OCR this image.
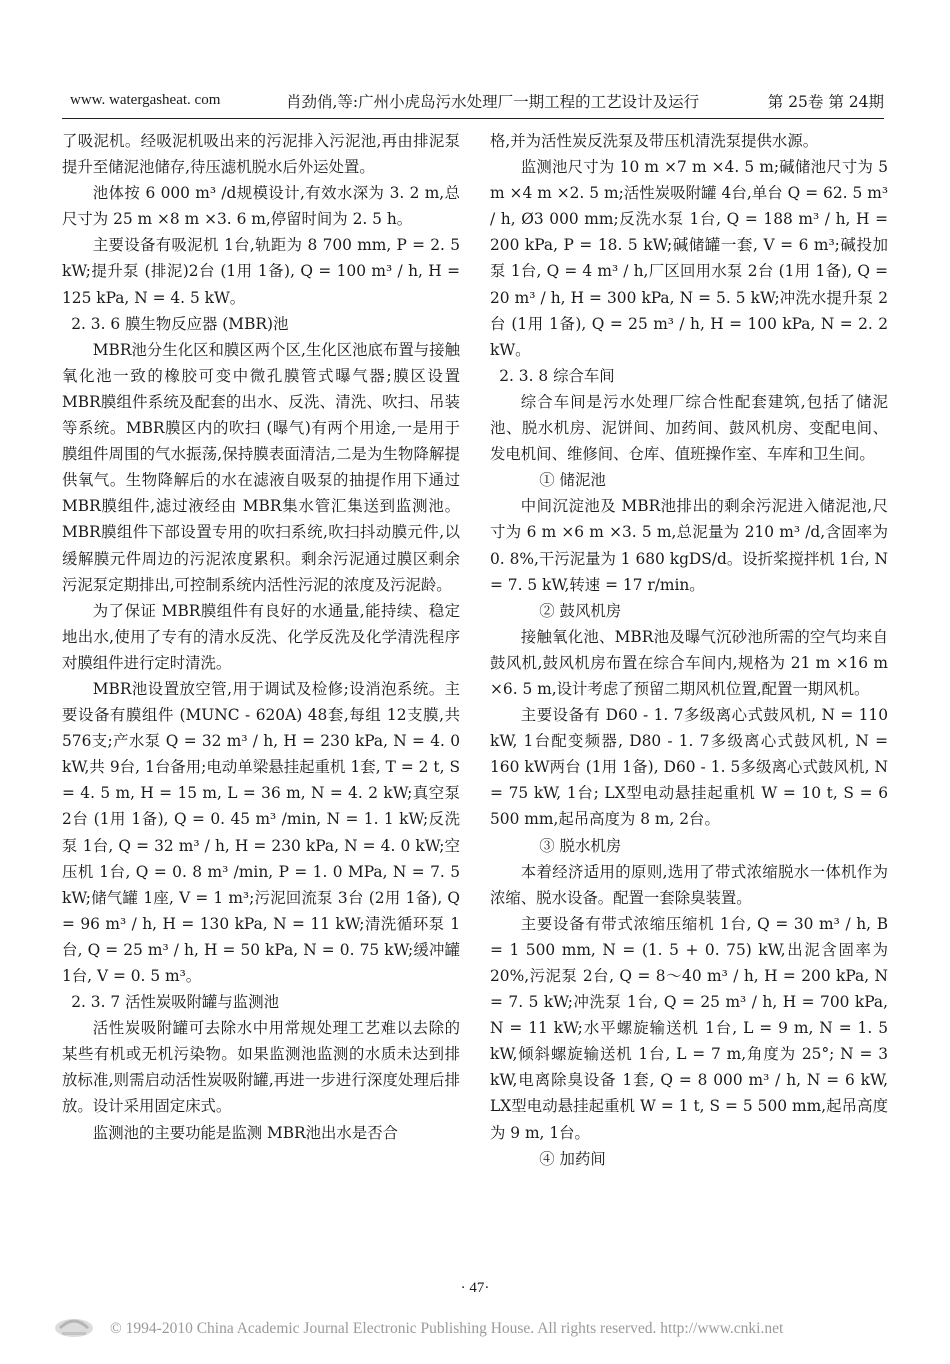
www. watergasheat. com	肖劲俏,等:广州小虎岛污水处理厂一期工程的工艺设计及运行	第 25卷 第 24期

了吸泥机。经吸泥机吸出来的污泥排入污泥池,再由排泥泵提升至储泥池储存,待压滤机脱水后外运处置。

池体按 6 000 m³ /d规模设计,有效水深为 3. 2 m,总尺寸为 25 m ×8 m ×3. 6 m,停留时间为 2. 5 h。

主要设备有吸泥机 1台,轨距为 8 700 mm, P = 2. 5 kW;提升泵 (排泥)2台 (1用 1备), Q = 100 m³ / h, H = 125 kPa, N = 4. 5 kW。

2. 3. 6 膜生物反应器 (MBR)池

MBR池分生化区和膜区两个区,生化区池底布置与接触氧化池一致的橡胶可变中微孔膜管式曝气器;膜区设置 MBR膜组件系统及配套的出水、反洗、清洗、吹扫、吊装等系统。MBR膜区内的吹扫 (曝气)有两个用途,一是用于膜组件周围的气水振荡,保持膜表面清洁,二是为生物降解提供氧气。生物降解后的水在滤液自吸泵的抽提作用下通过 MBR膜组件,滤过液经由 MBR集水管汇集送到监测池。MBR膜组件下部设置专用的吹扫系统,吹扫抖动膜元件,以缓解膜元件周边的污泥浓度累积。剩余污泥通过膜区剩余污泥泵定期排出,可控制系统内活性污泥的浓度及污泥龄。

为了保证 MBR膜组件有良好的水通量,能持续、稳定地出水,使用了专有的清水反洗、化学反洗及化学清洗程序对膜组件进行定时清洗。

MBR池设置放空管,用于调试及检修;设消泡系统。主要设备有膜组件 (MUNC - 620A) 48套,每组 12支膜,共 576支;产水泵 Q = 32 m³ / h, H = 230 kPa, N = 4. 0 kW,共 9台, 1台备用;电动单梁悬挂起重机 1套, T = 2 t, S = 4. 5 m, H = 15 m, L = 36 m, N = 4. 2 kW;真空泵 2台 (1用 1备), Q = 0. 45 m³ /min, N = 1. 1 kW;反洗泵 1台, Q = 32 m³ / h, H = 230 kPa, N = 4. 0 kW;空压机 1台, Q = 0. 8 m³ /min, P = 1. 0 MPa, N = 7. 5 kW;储气罐 1座, V = 1 m³;污泥回流泵 3台 (2用 1备), Q = 96 m³ / h, H = 130 kPa, N = 11 kW;清洗循环泵 1台, Q = 25 m³ / h, H = 50 kPa, N = 0. 75 kW;缓冲罐 1台, V = 0. 5 m³。

2. 3. 7 活性炭吸附罐与监测池

活性炭吸附罐可去除水中用常规处理工艺难以去除的某些有机或无机污染物。如果监测池监测的水质未达到排放标准,则需启动活性炭吸附罐,再进一步进行深度处理后排放。设计采用固定床式。

监测池的主要功能是监测 MBR池出水是否合

格,并为活性炭反洗泵及带压机清洗泵提供水源。

监测池尺寸为 10 m ×7 m ×4. 5 m;碱储池尺寸为 5 m ×4 m ×2. 5 m;活性炭吸附罐 4台,单台 Q = 62. 5 m³ / h, Ø3 000 mm;反洗水泵 1台, Q = 188 m³ / h, H = 200 kPa, P = 18. 5 kW;碱储罐一套, V = 6 m³;碱投加泵 1台, Q = 4 m³ / h,厂区回用水泵 2台 (1用 1备), Q = 20 m³ / h, H = 300 kPa, N = 5. 5 kW;冲洗水提升泵 2台 (1用 1备), Q = 25 m³ / h, H = 100 kPa, N = 2. 2 kW。

2. 3. 8 综合车间

综合车间是污水处理厂综合性配套建筑,包括了储泥池、脱水机房、泥饼间、加药间、鼓风机房、变配电间、发电机间、维修间、仓库、值班操作室、车库和卫生间。

① 储泥池

中间沉淀池及 MBR池排出的剩余污泥进入储泥池,尺寸为 6 m ×6 m ×3. 5 m,总泥量为 210 m³ /d,含固率为 0. 8%,干污泥量为 1 680 kgDS/d。设折桨搅拌机 1台, N = 7. 5 kW,转速 = 17 r/min。

② 鼓风机房

接触氧化池、MBR池及曝气沉砂池所需的空气均来自鼓风机,鼓风机房布置在综合车间内,规格为 21 m ×16 m ×6. 5 m,设计考虑了预留二期风机位置,配置一期风机。

主要设备有 D60 - 1. 7多级离心式鼓风机, N = 110 kW, 1台配变频器, D80 - 1. 7多级离心式鼓风机, N = 160 kW两台 (1用 1备), D60 - 1. 5多级离心式鼓风机, N = 75 kW, 1台; LX型电动悬挂起重机 W = 10 t, S = 6 500 mm,起吊高度为 8 m, 2台。

③ 脱水机房

本着经济适用的原则,选用了带式浓缩脱水一体机作为浓缩、脱水设备。配置一套除臭装置。

主要设备有带式浓缩压缩机 1台, Q = 30 m³ / h, B = 1 500 mm, N = (1. 5 + 0. 75) kW,出泥含固率为 20%,污泥泵 2台, Q = 8～40 m³ / h, H = 200 kPa, N = 7. 5 kW;冲洗泵 1台, Q = 25 m³ / h, H = 700 kPa, N = 11 kW;水平螺旋输送机 1台, L = 9 m, N = 1. 5 kW,倾斜螺旋输送机 1台, L = 7 m,角度为 25°; N = 3 kW,电离除臭设备 1套, Q = 8 000 m³ / h, N = 6 kW, LX型电动悬挂起重机 W = 1 t, S = 5 500 mm,起吊高度为 9 m, 1台。

④ 加药间

· 47·
© 1994-2010 China Academic Journal Electronic Publishing House. All rights reserved. http://www.cnki.net
